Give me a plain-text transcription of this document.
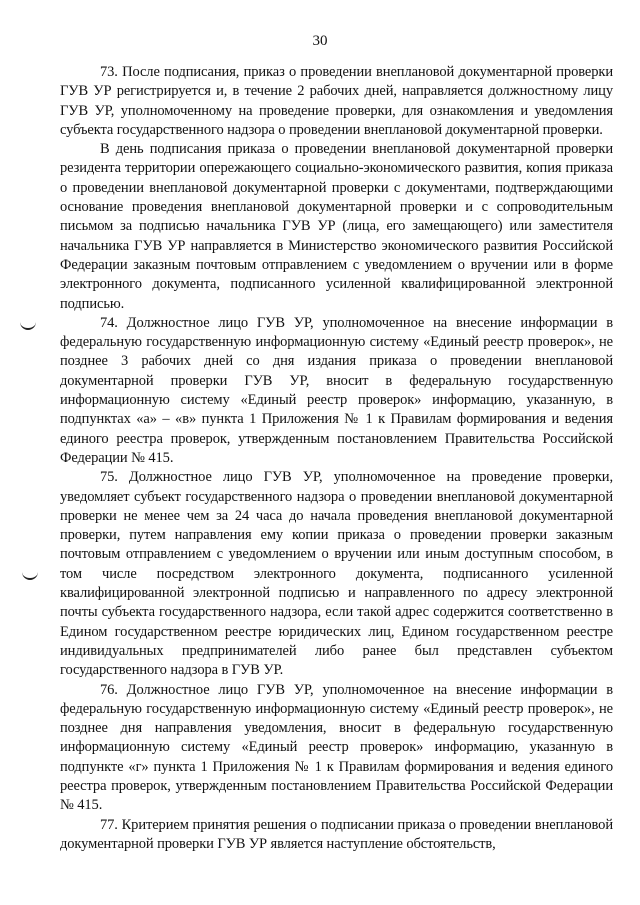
30

73. После подписания, приказ о проведении внеплановой документарной проверки ГУВ УР регистрируется и, в течение 2 рабочих дней, направляется должностному лицу ГУВ УР, уполномоченному на проведение проверки, для ознакомления и уведомления субъекта государственного надзора о проведении внеплановой документарной проверки.

В день подписания приказа о проведении внеплановой документарной проверки резидента территории опережающего социально-экономического развития, копия приказа о проведении внеплановой документарной проверки с документами, подтверждающими основание проведения внеплановой документарной проверки и с сопроводительным письмом за подписью начальника ГУВ УР (лица, его замещающего) или заместителя начальника ГУВ УР направляется в Министерство экономического развития Российской Федерации заказным почтовым отправлением с уведомлением о вручении или в форме электронного документа, подписанного усиленной квалифицированной электронной подписью.

74. Должностное лицо ГУВ УР, уполномоченное на внесение информации в федеральную государственную информационную систему «Единый реестр проверок», не позднее 3 рабочих дней со дня издания приказа о проведении внеплановой документарной проверки ГУВ УР, вносит в федеральную государственную информационную систему «Единый реестр проверок» информацию, указанную, в подпунктах «а» – «в» пункта 1 Приложения № 1 к Правилам формирования и ведения единого реестра проверок, утвержденным постановлением Правительства Российской Федерации № 415.

75. Должностное лицо ГУВ УР, уполномоченное на проведение проверки, уведомляет субъект государственного надзора о проведении внеплановой документарной проверки не менее чем за 24 часа до начала проведения внеплановой документарной проверки, путем направления ему копии приказа о проведении проверки заказным почтовым отправлением с уведомлением о вручении или иным доступным способом, в том числе посредством электронного документа, подписанного усиленной квалифицированной электронной подписью и направленного по адресу электронной почты субъекта государственного надзора, если такой адрес содержится соответственно в Едином государственном реестре юридических лиц, Едином государственном реестре индивидуальных предпринимателей либо ранее был представлен субъектом государственного надзора в ГУВ УР.

76. Должностное лицо ГУВ УР, уполномоченное на внесение информации в федеральную государственную информационную систему «Единый реестр проверок», не позднее дня направления уведомления, вносит в федеральную государственную информационную систему «Единый реестр проверок» информацию, указанную в подпункте «г» пункта 1 Приложения № 1 к Правилам формирования и ведения единого реестра проверок, утвержденным постановлением Правительства Российской Федерации № 415.

77. Критерием принятия решения о подписании приказа о проведении внеплановой документарной проверки ГУВ УР является наступление обстоятельств,
